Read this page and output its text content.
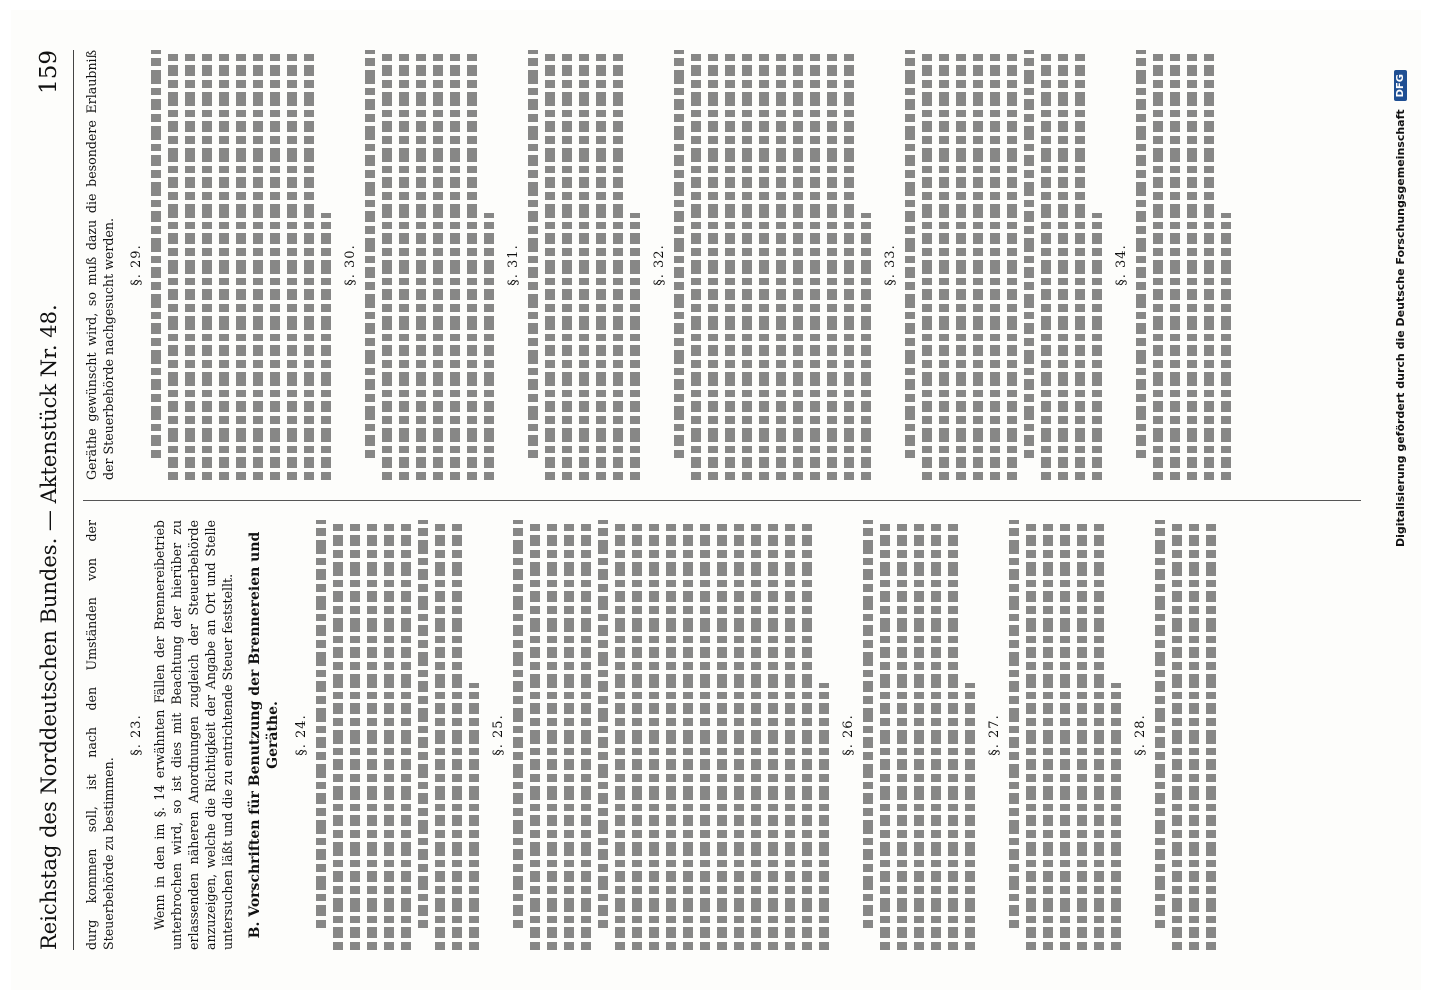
Reichstag des Norddeutschen Bundes. — Aktenstück Nr. 48.
159

durg kommen soll, ist nach den Umständen von der Steuerbehörde zu bestimmen.

§. 23. Wenn in den im §. 14 erwähnten Fällen der Brennereibetrieb unterbrochen wird, so ist dies mit Beachtung der hierüber zu erlassenden näheren Anordnungen zugleich der Steuerbehörde anzuzeigen, welche die Richtigkeit der Angabe an Ort und Stelle untersuchen läßt und die zu entrichtende Steuer feststellt. B. Vorschriften für Benutzung der Brennereien und Geräthe. §. 24.	§. 25.	§. 26.	§. 27.	§. 28.

Geräthe gewünscht wird, so muß dazu die besondere Erlaubniß der Steuerbehörde nachgesucht werden. §. 29.	§. 30.	§. 31.	§. 32.	§. 33.	§. 34.	Digitalisierung gefördert durch die Deutsche Forschungsgemeinschaft
DFG
